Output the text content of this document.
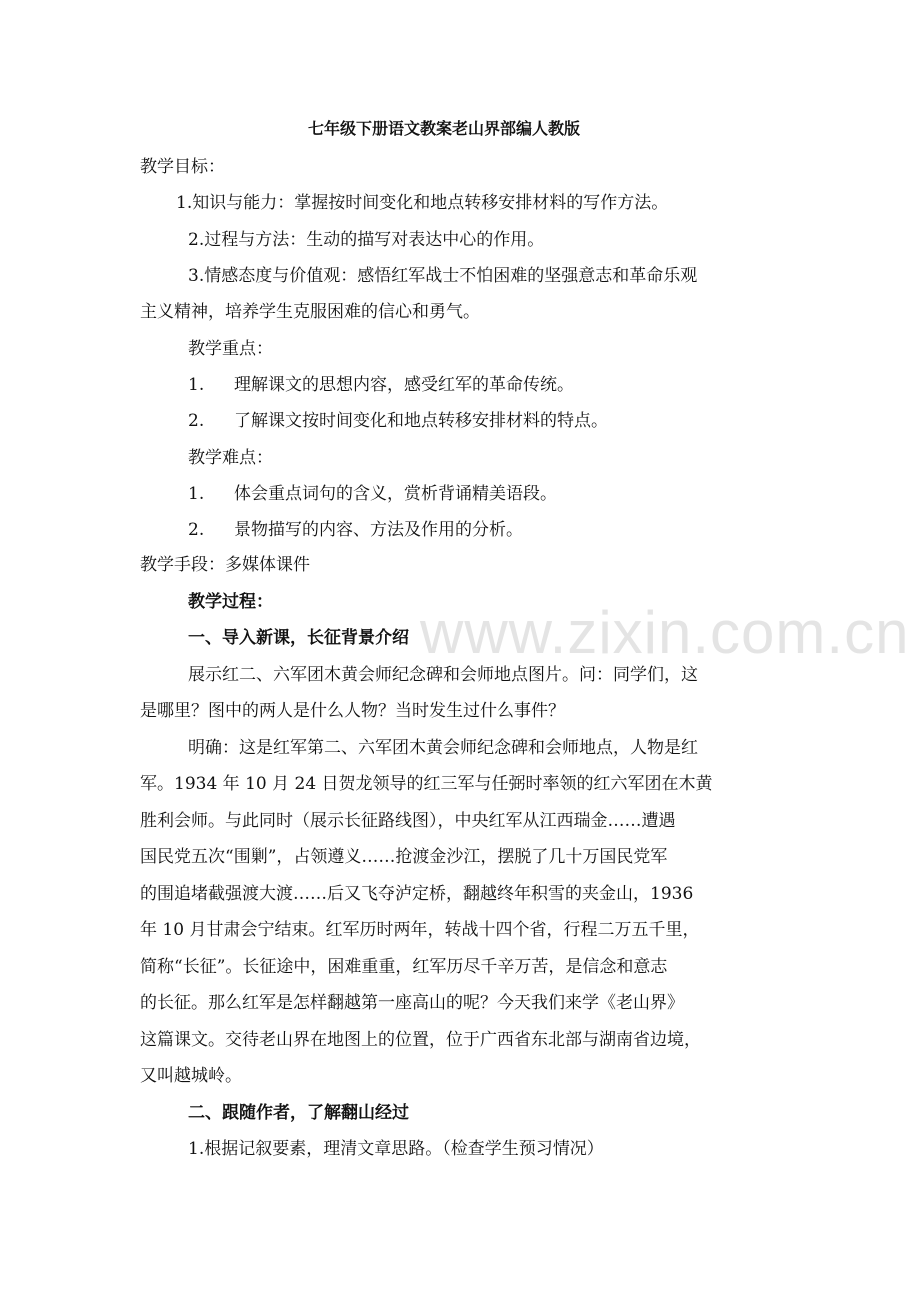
www.zixin.com.cn
七年级下册语文教案老山界部编人教版
教学目标：
1.知识与能力：掌握按时间变化和地点转移安排材料的写作方法。
2.过程与方法：生动的描写对表达中心的作用。
3.情感态度与价值观：感悟红军战士不怕困难的坚强意志和革命乐观
主义精神，培养学生克服困难的信心和勇气。
教学重点：
1. 理解课文的思想内容，感受红军的革命传统。
2. 了解课文按时间变化和地点转移安排材料的特点。
教学难点：
1. 体会重点词句的含义，赏析背诵精美语段。
2. 景物描写的内容、方法及作用的分析。
教学手段：多媒体课件
教学过程：
一、导入新课，长征背景介绍
展示红二、六军团木黄会师纪念碑和会师地点图片。问：同学们，这
是哪里？图中的两人是什么人物？当时发生过什么事件？
明确：这是红军第二、六军团木黄会师纪念碑和会师地点，人物是红
军。1934 年 10 月 24 日贺龙领导的红三军与任弼时率领的红六军团在木黄
胜利会师。与此同时（展示长征路线图），中央红军从江西瑞金……遭遇
国民党五次“围剿”，占领遵义……抢渡金沙江，摆脱了几十万国民党军
的围追堵截强渡大渡……后又飞夺泸定桥，翻越终年积雪的夹金山，1936
年 10 月甘肃会宁结束。红军历时两年，转战十四个省，行程二万五千里，
简称“长征”。长征途中，困难重重，红军历尽千辛万苦，是信念和意志
的长征。那么红军是怎样翻越第一座高山的呢？今天我们来学《老山界》
这篇课文。交待老山界在地图上的位置，位于广西省东北部与湖南省边境，
又叫越城岭。
二、跟随作者，了解翻山经过
1.根据记叙要素，理清文章思路。（检查学生预习情况）
